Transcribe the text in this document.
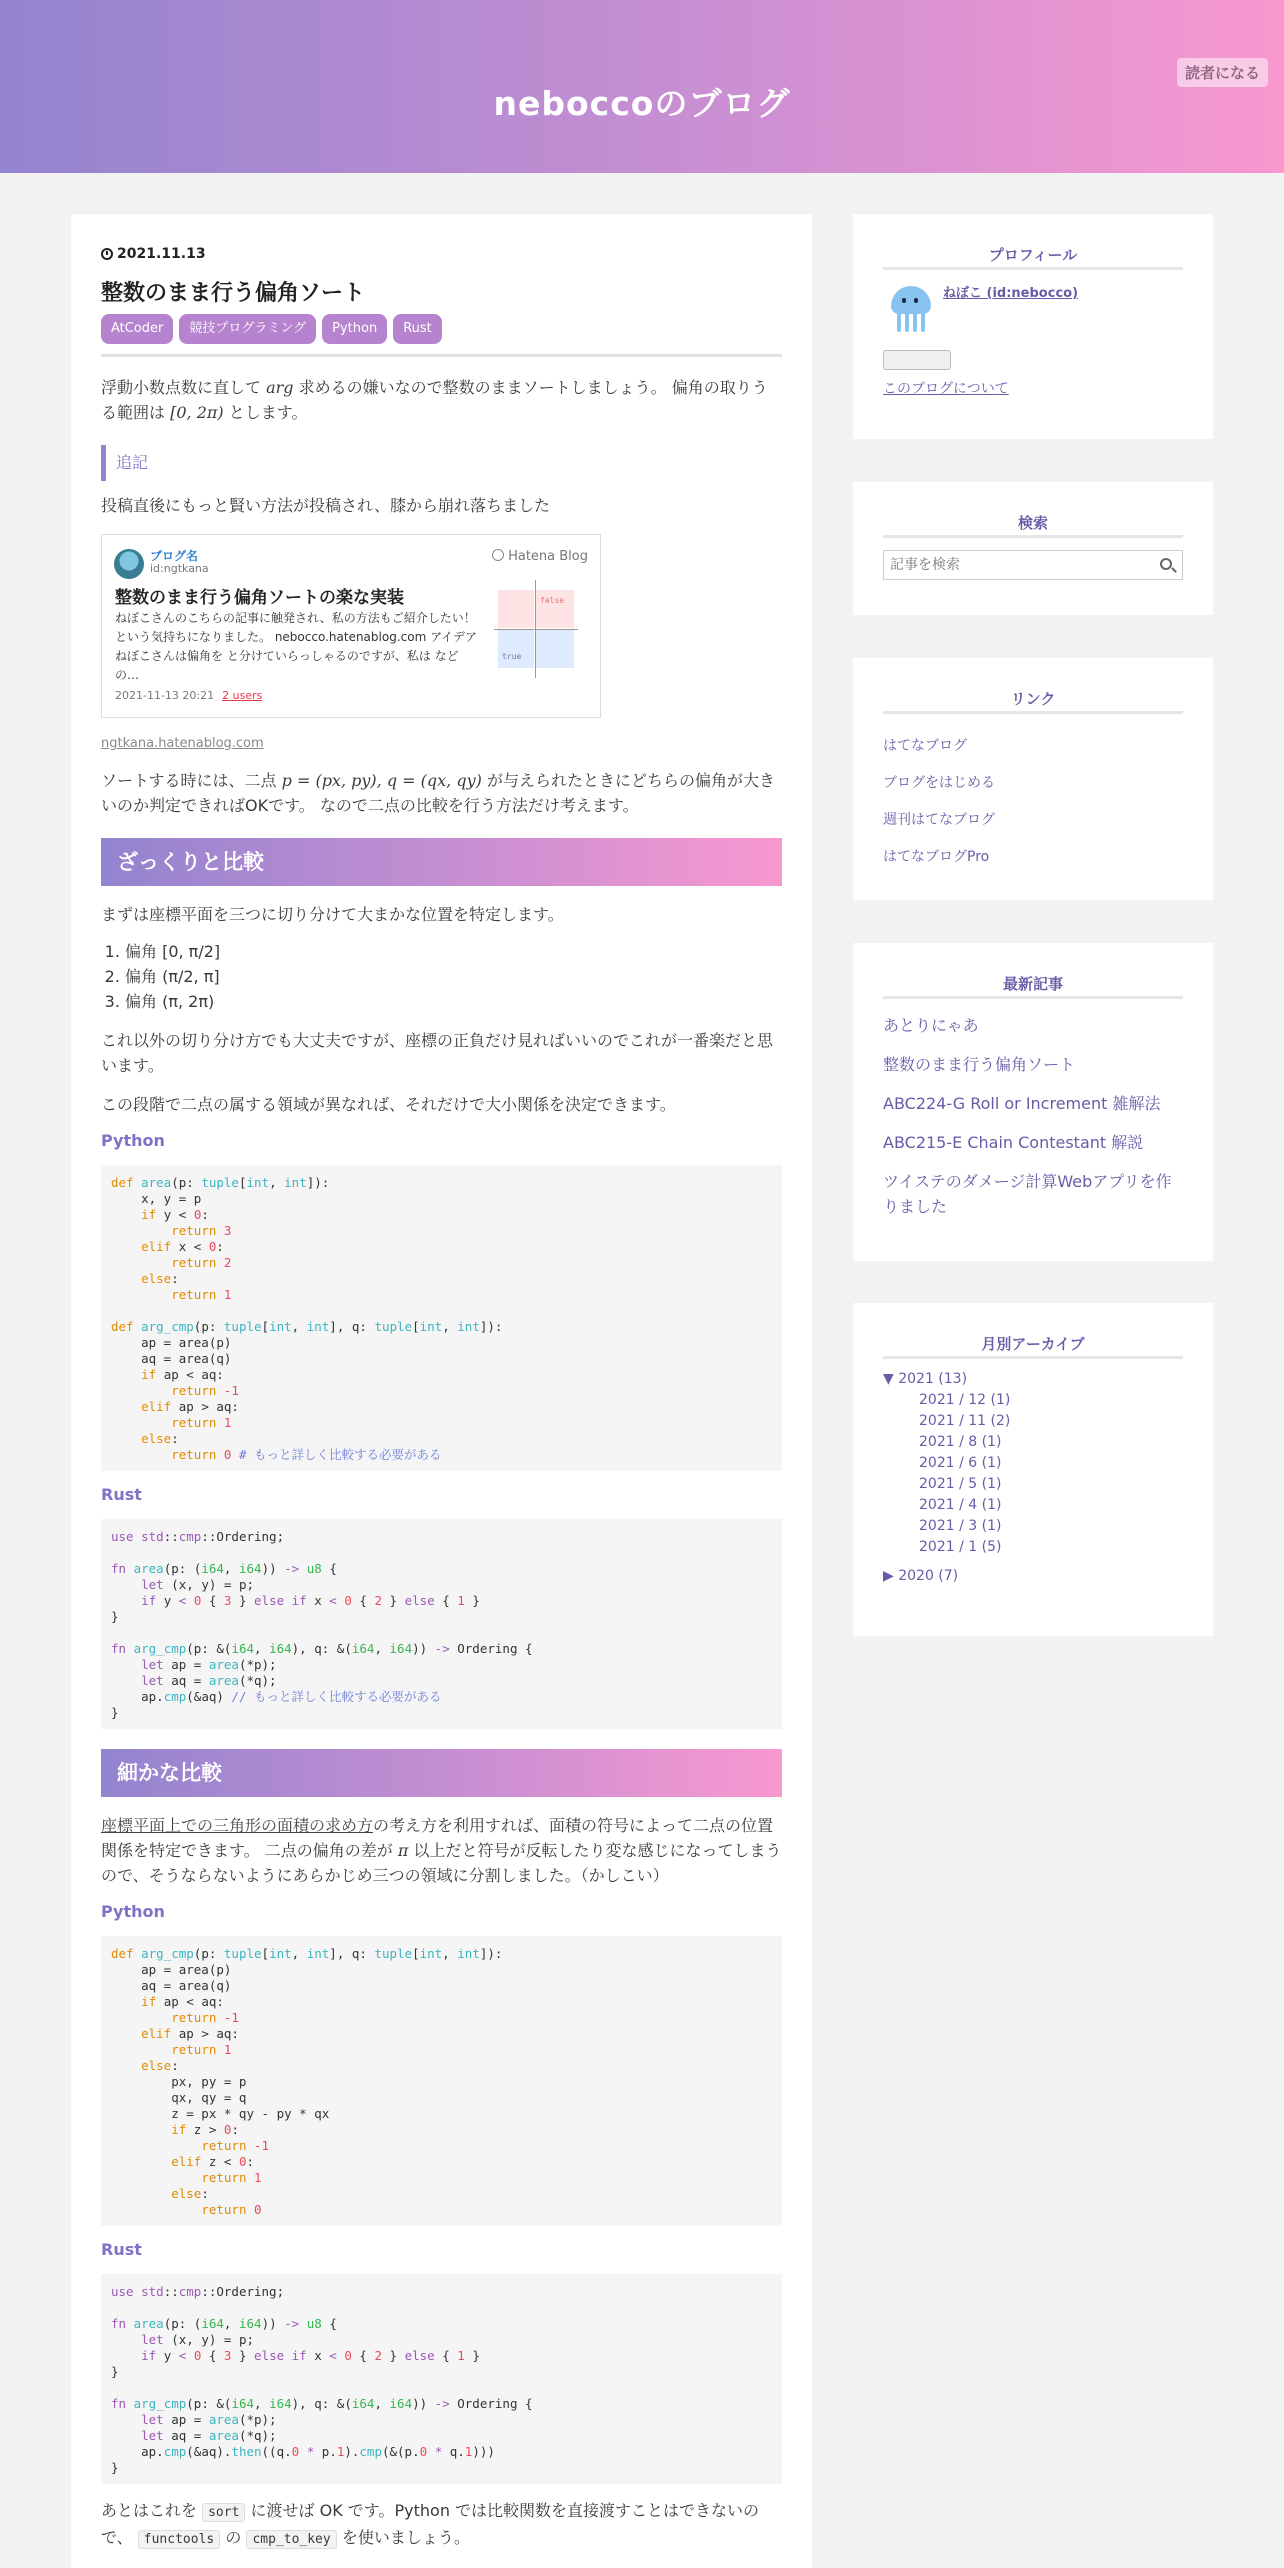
neboccoのブログ
読者になる
2021.11.13
整数のまま行う偏角ソート
AtCoder	競技プログラミング	Python	Rust

浮動小数点数に直して arg 求めるの嫌いなので整数のままソートしましょう。 偏角の取りうる範囲は [0, 2π) とします。

追記

投稿直後にもっと賢い方法が投稿され、膝から崩れ落ちました

ブログ名
id:ngtkana
Hatena Blog
整数のまま行う偏角ソートの楽な実装
ねぼこさんのこちらの記事に触発され、私の方法もご紹介したい！という気持ちになりました。 nebocco.hatenablog.com アイデア ねぼこさんは偏角を と分けていらっしゃるのですが、私は などの…
2021-11-13 20:21 2 users
false
true
ngtkana.hatenablog.com

ソートする時には、二点 p = (px, py), q = (qx, qy) が与えられたときにどちらの偏角が大きいのか判定できればOKです。 なので二点の比較を行う方法だけ考えます。

ざっくりと比較

まずは座標平面を三つに切り分けて大まかな位置を特定します。

1. 偏角 [0, π/2]
2. 偏角 (π/2, π]
3. 偏角 (π, 2π)

これ以外の切り分け方でも大丈夫ですが、座標の正負だけ見ればいいのでこれが一番楽だと思います。

この段階で二点の属する領域が異なれば、それだけで大小関係を決定できます。

Python
def area(p: tuple[int, int]):
x, y = p
if y < 0:
return 3
elif x < 0:
return 2
else:
return 1

def arg_cmp(p: tuple[int, int], q: tuple[int, int]):
ap = area(p)
aq = area(q)
if ap < aq:
return -1
elif ap > aq:
return 1
else:
return 0 # もっと詳しく比較する必要がある
Rust
use std::cmp::Ordering;

fn area(p: (i64, i64)) -> u8 {
let (x, y) = p;
if y < 0 { 3 } else if x < 0 { 2 } else { 1 }
}

fn arg_cmp(p: &(i64, i64), q: &(i64, i64)) -> Ordering {
let ap = area(*p);
let aq = area(*q);
ap.cmp(&aq) // もっと詳しく比較する必要がある
}
細かな比較

座標平面上での三角形の面積の求め方の考え方を利用すれば、面積の符号によって二点の位置関係を特定できます。 二点の偏角の差が π 以上だと符号が反転したり変な感じになってしまうので、そうならないようにあらかじめ三つの領域に分割しました。（かしこい）

Python
def arg_cmp(p: tuple[int, int], q: tuple[int, int]):
ap = area(p)
aq = area(q)
if ap < aq:
return -1
elif ap > aq:
return 1
else:
px, py = p
qx, qy = q
z = px * qy - py * qx
if z > 0:
return -1
elif z < 0:
return 1
else:
return 0
Rust
use std::cmp::Ordering;

fn area(p: (i64, i64)) -> u8 {
let (x, y) = p;
if y < 0 { 3 } else if x < 0 { 2 } else { 1 }
}

fn arg_cmp(p: &(i64, i64), q: &(i64, i64)) -> Ordering {
let ap = area(*p);
let aq = area(*q);
ap.cmp(&aq).then((q.0 * p.1).cmp(&(p.0 * q.1)))
}

あとはこれを sort に渡せば OK です。Python では比較関数を直接渡すことはできないので、 functools の cmp_to_key を使いましょう。

プロフィール
ねぼこ (id:nebocco)
このブログについて
検索
記事を検索
リンク
はてなブログ
ブログをはじめる
週刊はてなブログ
はてなブログPro
最新記事
あとりにゃあ
整数のまま行う偏角ソート
ABC224-G Roll or Increment 雑解法
ABC215-E Chain Contestant 解説
ツイステのダメージ計算Webアプリを作りました
月別アーカイブ
▼ 2021 (13)
2021 / 12 (1)
2021 / 11 (2)
2021 / 8 (1)
2021 / 6 (1)
2021 / 5 (1)
2021 / 4 (1)
2021 / 3 (1)
2021 / 1 (5)
▶ 2020 (7)
